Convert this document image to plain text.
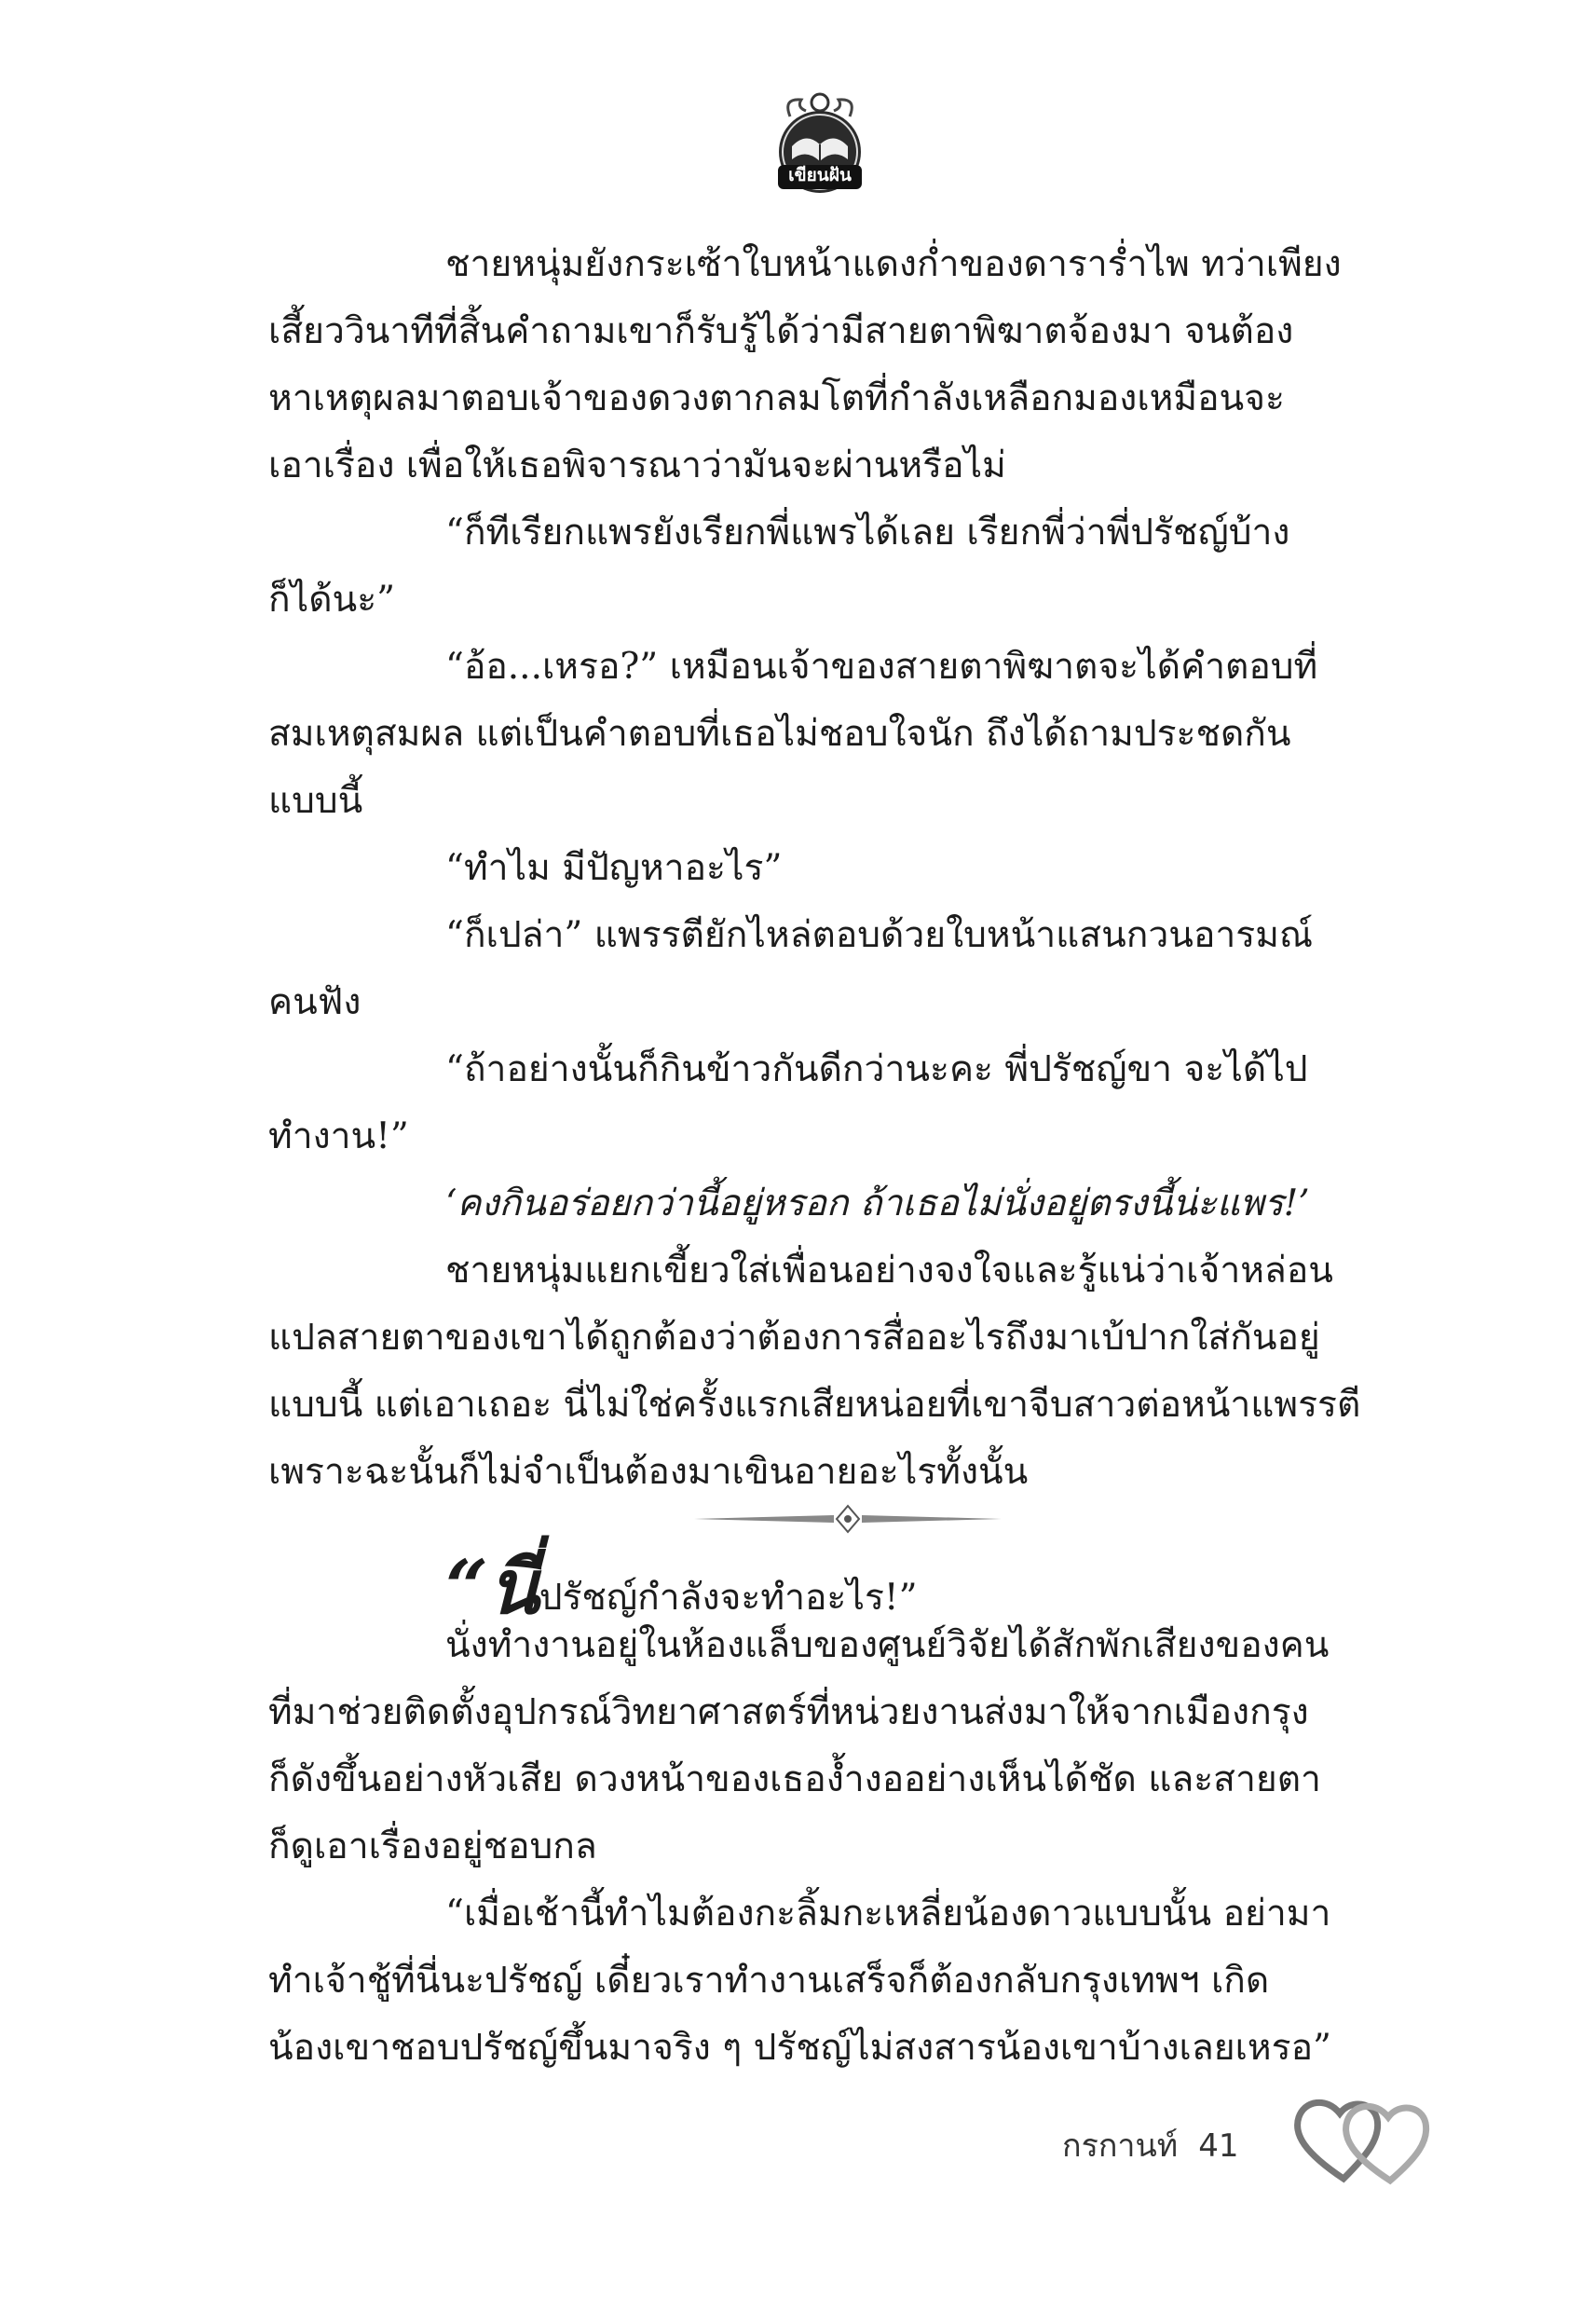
เขียนฝัน

ชายหนุ่มยังกระเซ้าใบหน้าแดงก่ำของดาราร่ำไพ ทว่าเพียง

เสี้ยววินาทีที่สิ้นคำถามเขาก็รับรู้ได้ว่ามีสายตาพิฆาตจ้องมา จนต้อง

หาเหตุผลมาตอบเจ้าของดวงตากลมโตที่กำลังเหลือกมองเหมือนจะ

เอาเรื่อง เพื่อให้เธอพิจารณาว่ามันจะผ่านหรือไม่

“ก็ทีเรียกแพรยังเรียกพี่แพรได้เลย เรียกพี่ว่าพี่ปรัชญ์บ้าง

ก็ได้นะ”

“อ้อ...เหรอ?” เหมือนเจ้าของสายตาพิฆาตจะได้คำตอบที่

สมเหตุสมผล แต่เป็นคำตอบที่เธอไม่ชอบใจนัก ถึงได้ถามประชดกัน

แบบนี้

“ทำไม มีปัญหาอะไร”

“ก็เปล่า” แพรรตียักไหล่ตอบด้วยใบหน้าแสนกวนอารมณ์

คนฟัง

“ถ้าอย่างนั้นก็กินข้าวกันดีกว่านะคะ พี่ปรัชญ์ขา จะได้ไป

ทำงาน!”

‘คงกินอร่อยกว่านี้อยู่หรอก ถ้าเธอไม่นั่งอยู่ตรงนี้น่ะแพร!’

ชายหนุ่มแยกเขี้ยวใส่เพื่อนอย่างจงใจและรู้แน่ว่าเจ้าหล่อน

แปลสายตาของเขาได้ถูกต้องว่าต้องการสื่ออะไรถึงมาเบ้ปากใส่กันอยู่

แบบนี้ แต่เอาเถอะ นี่ไม่ใช่ครั้งแรกเสียหน่อยที่เขาจีบสาวต่อหน้าแพรรตี

เพราะฉะนั้นก็ไม่จำเป็นต้องมาเขินอายอะไรทั้งนั้น

“นี่ปรัชญ์กำลังจะทำอะไร!”

นั่งทำงานอยู่ในห้องแล็บของศูนย์วิจัยได้สักพักเสียงของคน

ที่มาช่วยติดตั้งอุปกรณ์วิทยาศาสตร์ที่หน่วยงานส่งมาให้จากเมืองกรุง

ก็ดังขึ้นอย่างหัวเสีย ดวงหน้าของเธอง้ำงออย่างเห็นได้ชัด และสายตา

ก็ดูเอาเรื่องอยู่ชอบกล

“เมื่อเช้านี้ทำไมต้องกะลิ้มกะเหลี่ยน้องดาวแบบนั้น อย่ามา

ทำเจ้าชู้ที่นี่นะปรัชญ์ เดี๋ยวเราทำงานเสร็จก็ต้องกลับกรุงเทพฯ เกิด

น้องเขาชอบปรัชญ์ขึ้นมาจริง ๆ ปรัชญ์ไม่สงสารน้องเขาบ้างเลยเหรอ”

กรกานท์ 41
